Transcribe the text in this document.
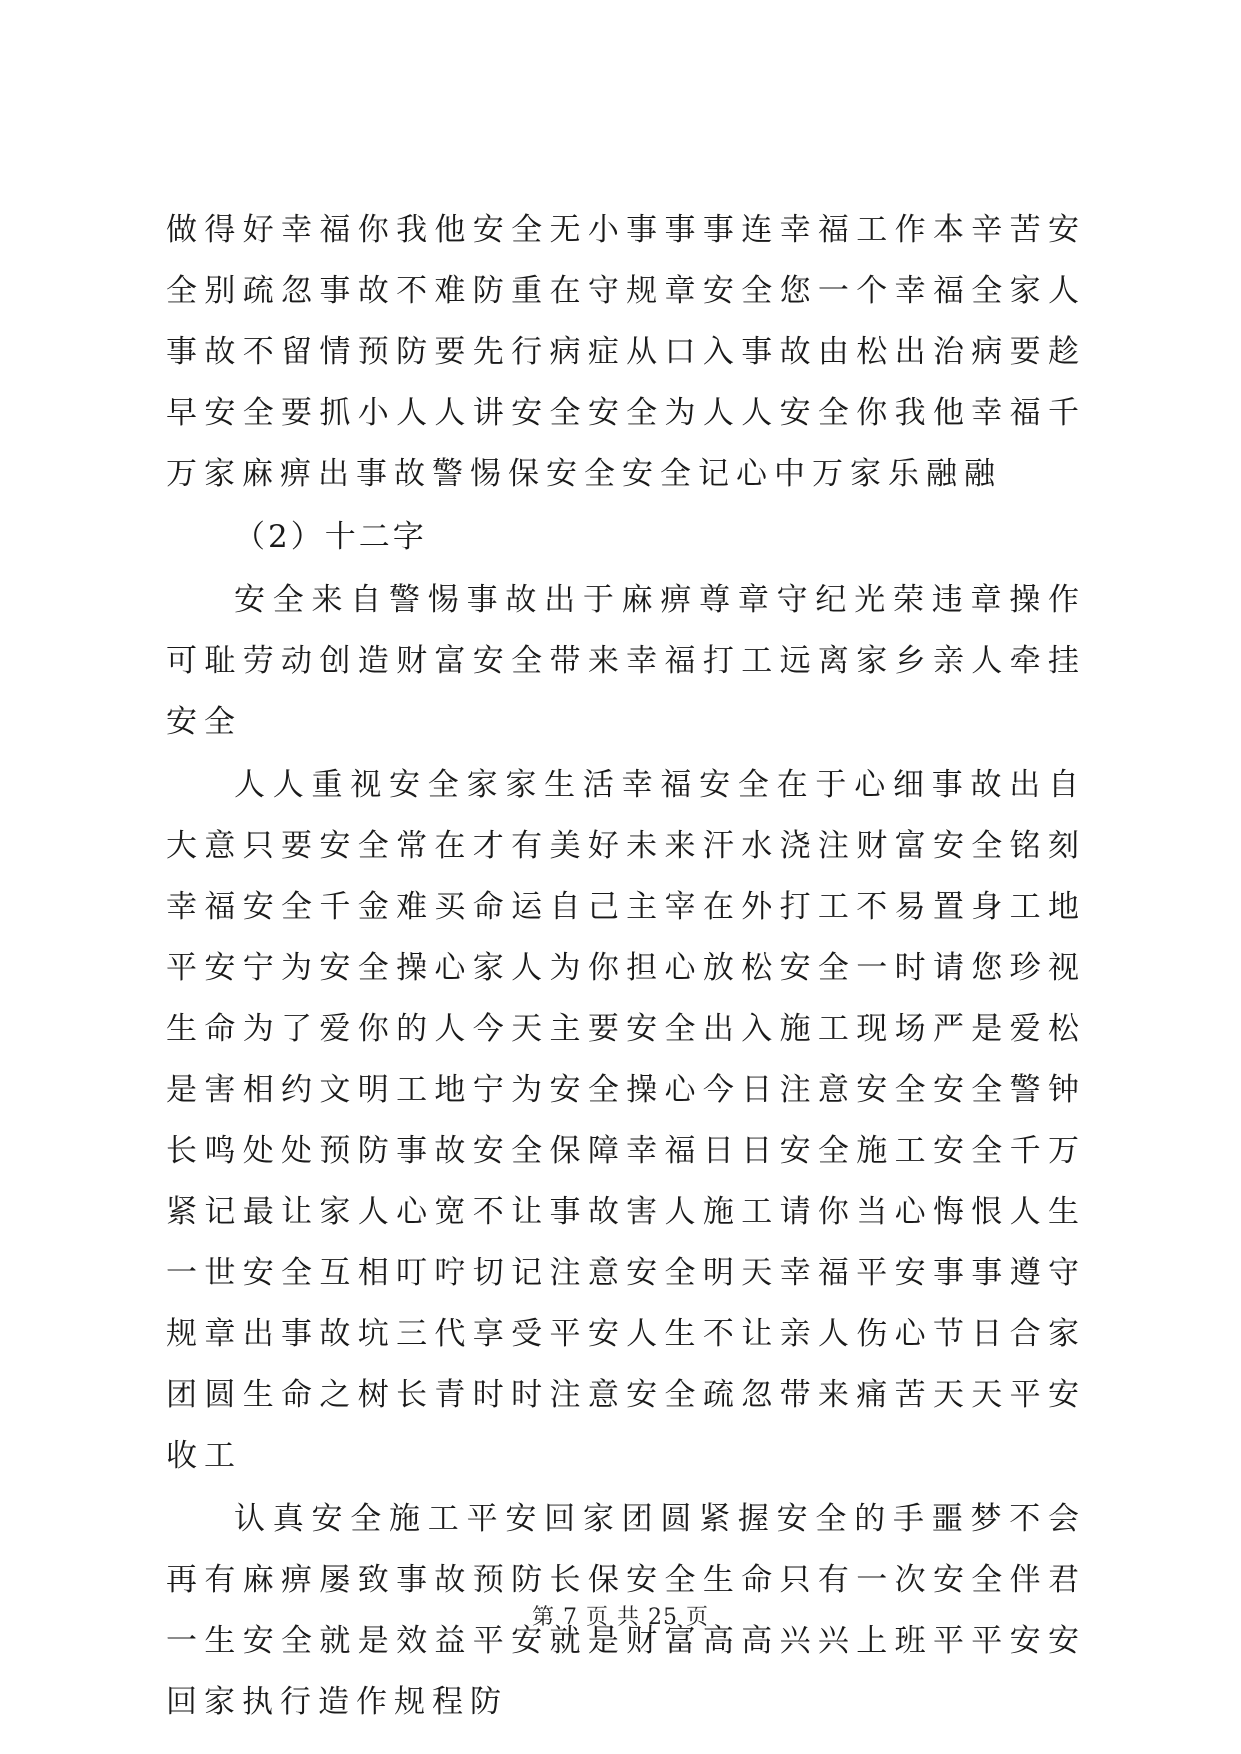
做得好幸福你我他安全无小事事事连幸福工作本辛苦安全别疏忽事故不难防重在守规章安全您一个幸福全家人事故不留情预防要先行病症从口入事故由松出治病要趁早安全要抓小人人讲安全安全为人人安全你我他幸福千万家麻痹出事故警惕保安全安全记心中万家乐融融

（2）十二字

安全来自警惕事故出于麻痹尊章守纪光荣违章操作可耻劳动创造财富安全带来幸福打工远离家乡亲人牵挂安全

人人重视安全家家生活幸福安全在于心细事故出自大意只要安全常在才有美好未来汗水浇注财富安全铭刻幸福安全千金难买命运自己主宰在外打工不易置身工地平安宁为安全操心家人为你担心放松安全一时请您珍视生命为了爱你的人今天主要安全出入施工现场严是爱松是害相约文明工地宁为安全操心今日注意安全安全警钟长鸣处处预防事故安全保障幸福日日安全施工安全千万紧记最让家人心宽不让事故害人施工请你当心悔恨人生一世安全互相叮咛切记注意安全明天幸福平安事事遵守规章出事故坑三代享受平安人生不让亲人伤心节日合家团圆生命之树长青时时注意安全疏忽带来痛苦天天平安收工

认真安全施工平安回家团圆紧握安全的手噩梦不会再有麻痹屡致事故预防长保安全生命只有一次安全伴君一生安全就是效益平安就是财富高高兴兴上班平平安安回家执行造作规程防

第 7 页 共 25 页
